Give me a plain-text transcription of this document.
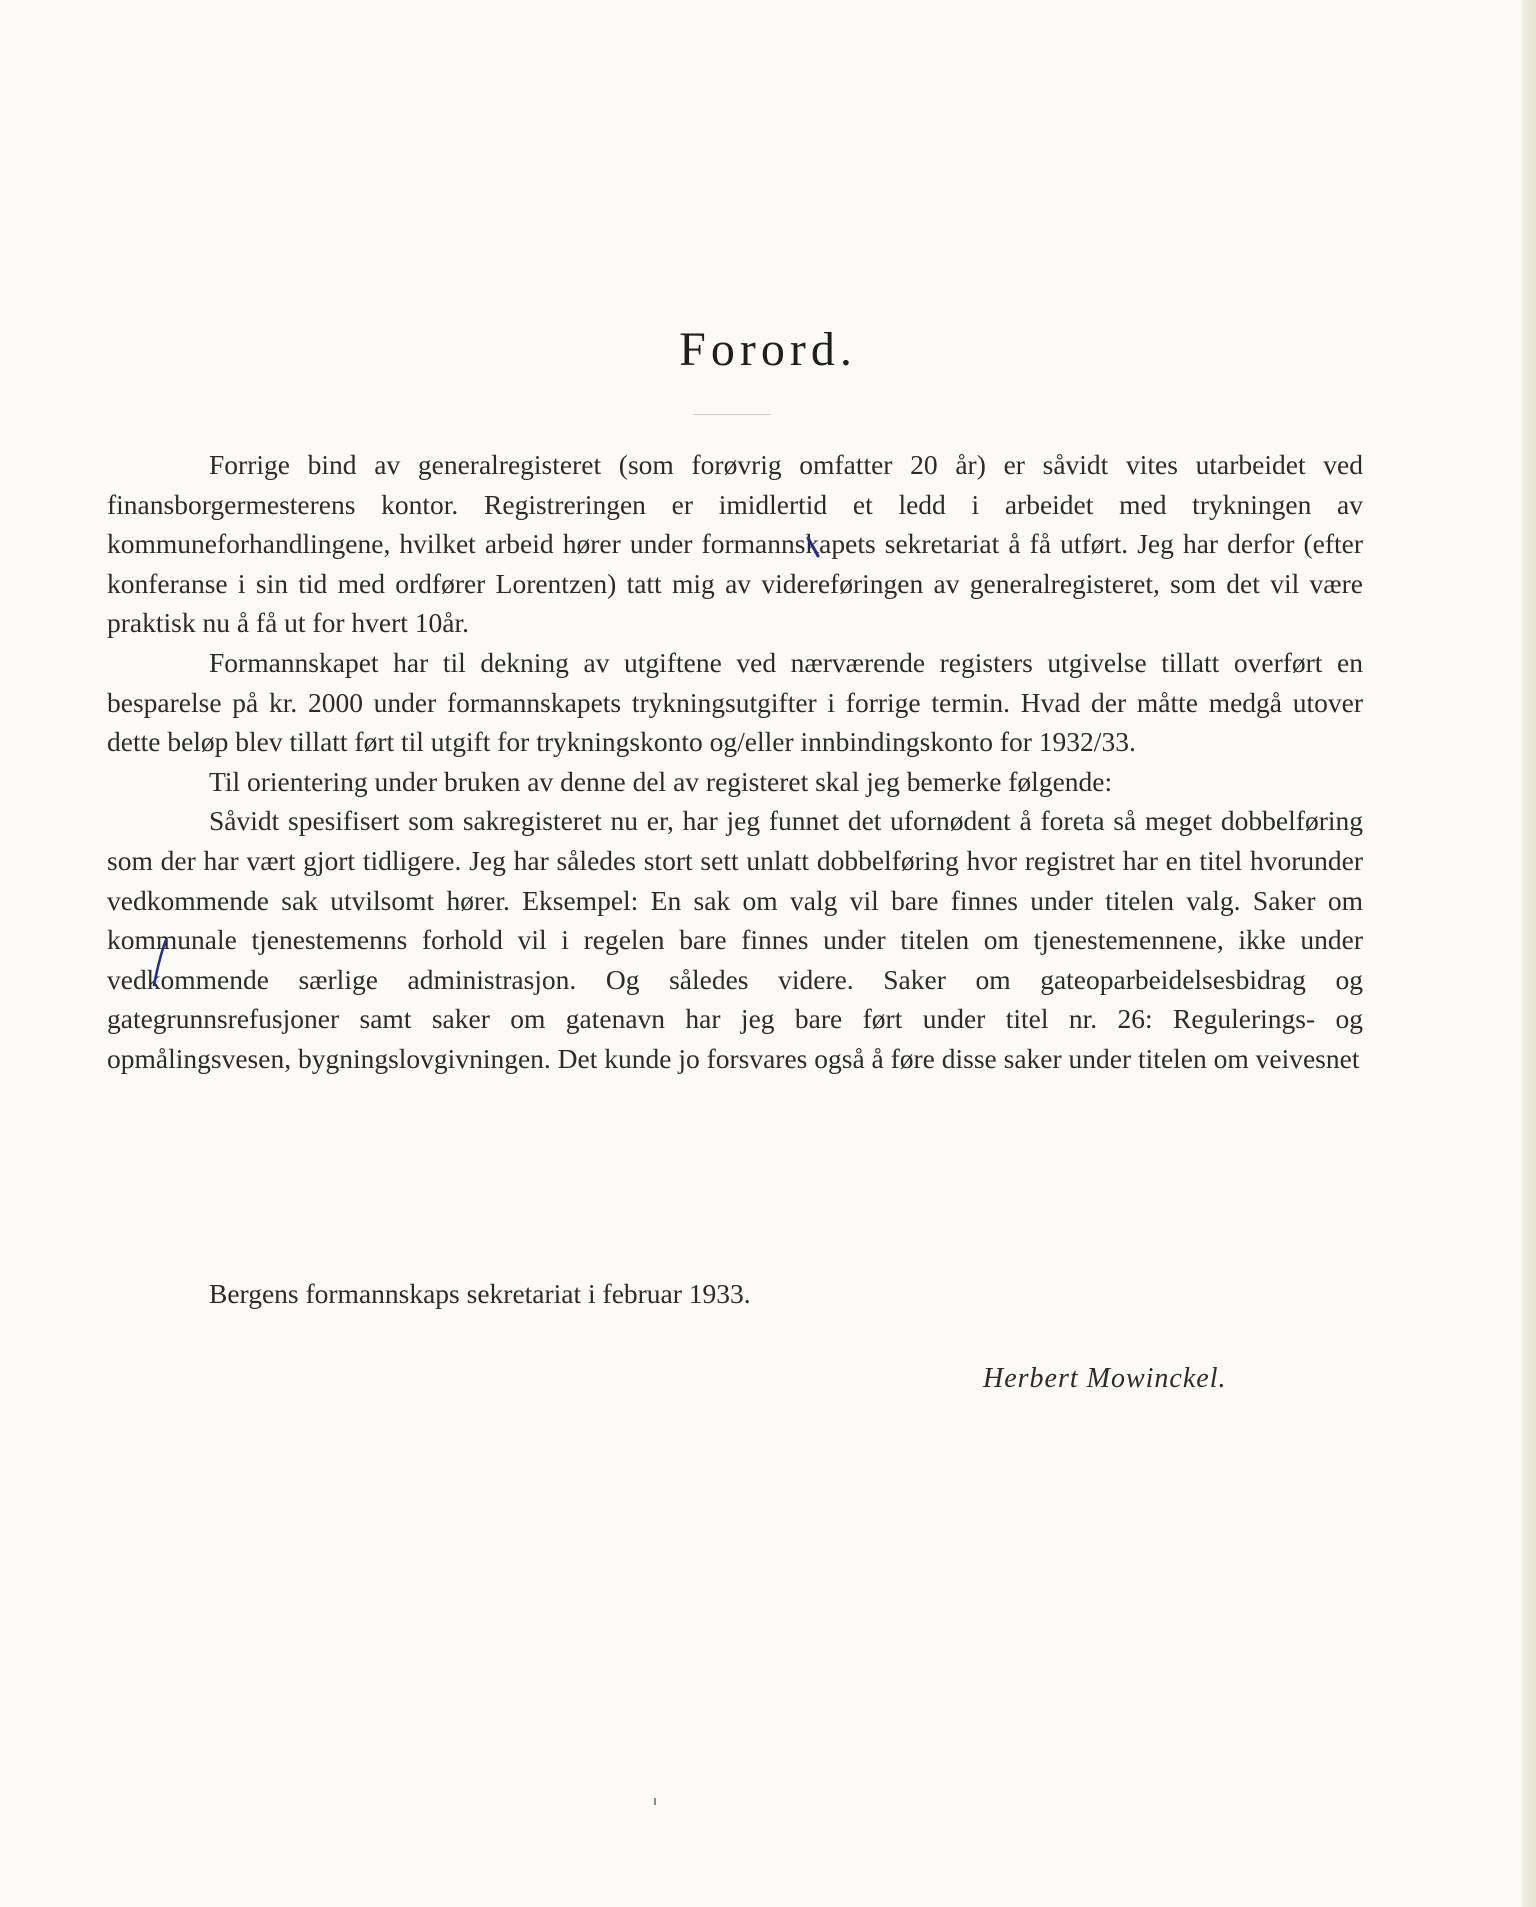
Forord.

Forrige bind av generalregisteret (som forøvrig omfatter 20 år) er såvidt vites utarbeidet ved finansborgermesterens kontor. Registreringen er imidlertid et ledd i arbeidet med trykningen av kommuneforhandlingene, hvilket arbeid hører under formannskapets sekretariat å få utført. Jeg har derfor (efter konferanse i sin tid med ordfører Lorentzen) tatt mig av videreføringen av generalregisteret, som det vil være praktisk nu å få ut for hvert 10år.

Formannskapet har til dekning av utgiftene ved nærværende registers utgivelse tillatt overført en besparelse på kr. 2000 under formannskapets trykningsutgifter i forrige termin. Hvad der måtte medgå utover dette beløp blev tillatt ført til utgift for trykningskonto og/eller innbindingskonto for 1932/33.

Til orientering under bruken av denne del av registeret skal jeg bemerke følgende:

Såvidt spesifisert som sakregisteret nu er, har jeg funnet det ufornødent å foreta så meget dobbelføring som der har vært gjort tidligere. Jeg har således stort sett unlatt dobbelføring hvor registret har en titel hvorunder vedkommende sak utvilsomt hører. Eksempel: En sak om valg vil bare finnes under titelen valg. Saker om kommunale tjenestemenns forhold vil i regelen bare finnes under titelen om tjenestemennene, ikke under vedkommende særlige administrasjon. Og således videre. Saker om gateoparbeidelsesbidrag og gategrunnsrefusjoner samt saker om gatenavn har jeg bare ført under titel nr. 26: Regulerings- og opmålingsvesen, bygningslovgivningen. Det kunde jo forsvares også å føre disse saker under titelen om veivesnet

Bergens formannskaps sekretariat i februar 1933.

Herbert Mowinckel.
